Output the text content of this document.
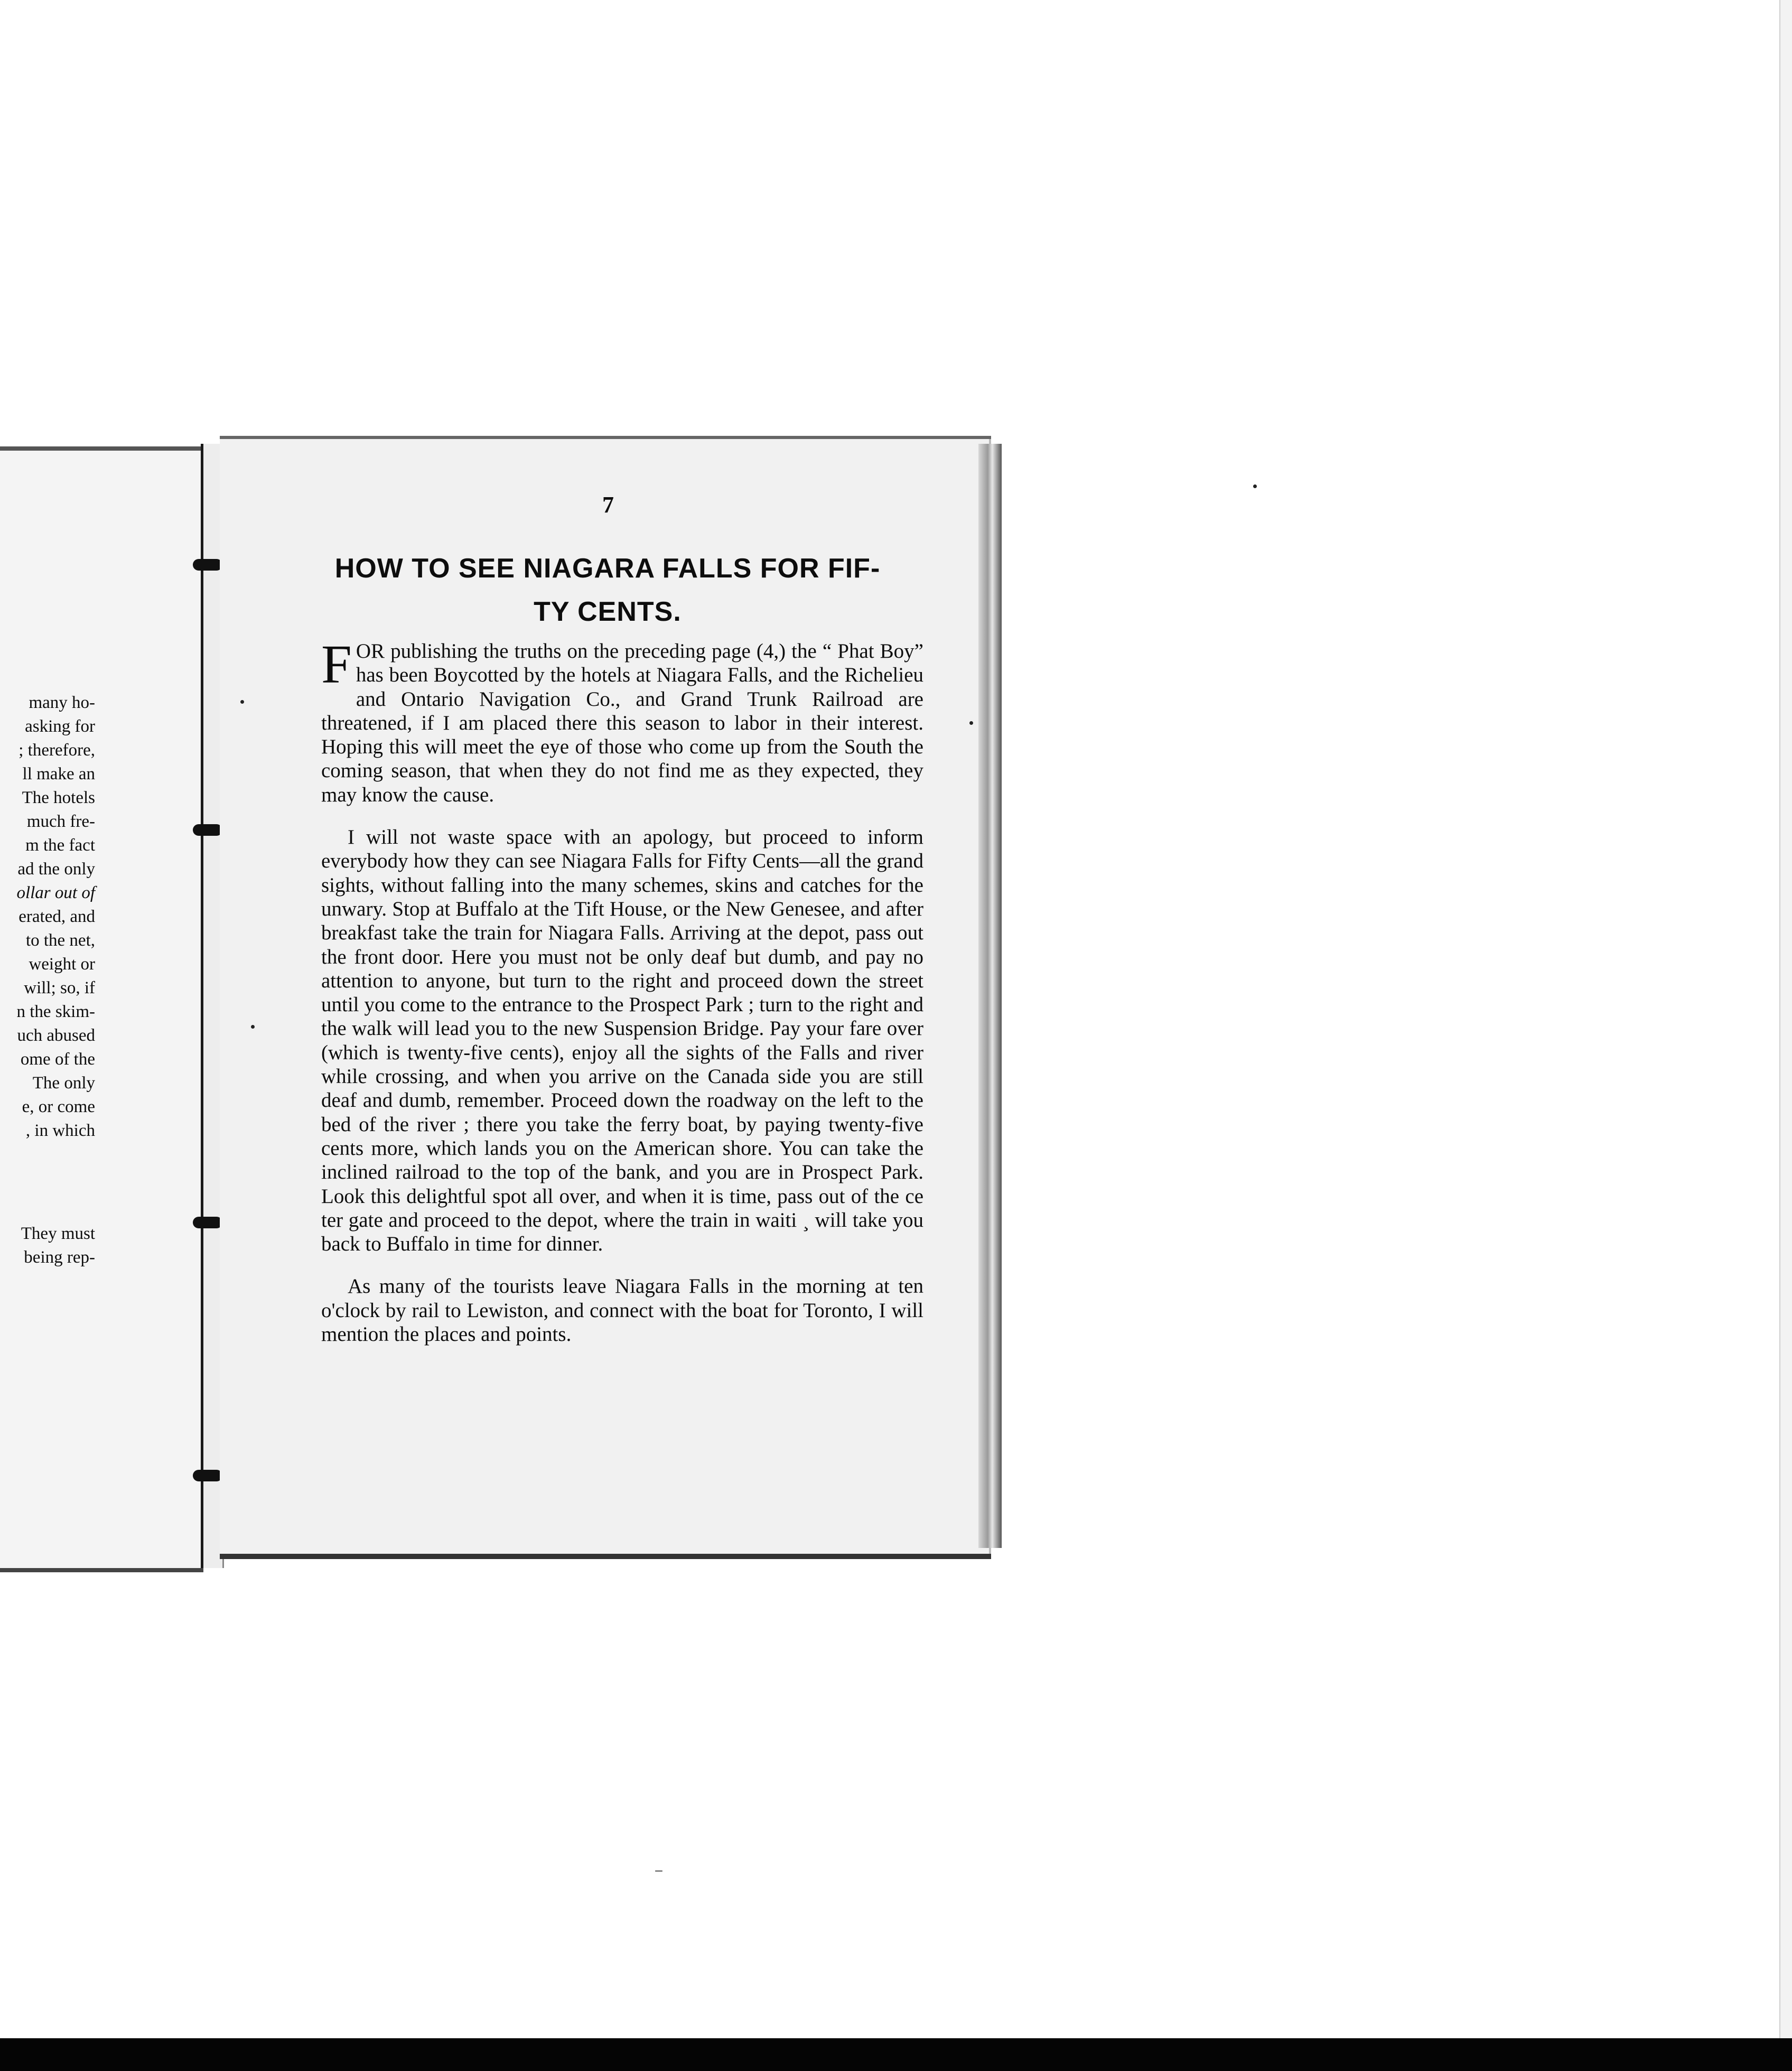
many ho-
asking for
; therefore,
ll make an
The hotels
much fre-
m the fact
ad the only
ollar out of
erated, and
to the net,
weight or
will; so, if
n the skim-
uch abused
ome of the
The only
e, or come
, in which
They must
being rep-
7
HOW TO SEE NIAGARA FALLS FOR FIF-
TY CENTS.

FOR publishing the truths on the preceding page (4,) the “ Phat Boy” has been Boycotted by the hotels at Niagara Falls, and the Richelieu and Ontario Navigation Co., and Grand Trunk Railroad are threatened, if I am placed there this season to labor in their interest. Hoping this will meet the eye of those who come up from the South the coming season, that when they do not find me as they expected, they may know the cause.

I will not waste space with an apology, but proceed to inform everybody how they can see Niagara Falls for Fifty Cents—all the grand sights, without falling into the many schemes, skins and catches for the unwary. Stop at Buffalo at the Tift House, or the New Genesee, and after breakfast take the train for Niagara Falls. Arriving at the depot, pass out the front door. Here you must not be only deaf but dumb, and pay no attention to anyone, but turn to the right and proceed down the street until you come to the entrance to the Prospect Park ; turn to the right and the walk will lead you to the new Suspension Bridge. Pay your fare over (which is twenty-five cents), enjoy all the sights of the Falls and river while crossing, and when you arrive on the Canada side you are still deaf and dumb, remember. Proceed down the roadway on the left to the bed of the river ; there you take the ferry boat, by paying twenty-five cents more, which lands you on the American shore. You can take the inclined railroad to the top of the bank, and you are in Prospect Park. Look this delightful spot all over, and when it is time, pass out of the ce ter gate and proceed to the depot, where the train in waiti ¸ will take you back to Buffalo in time for dinner.

As many of the tourists leave Niagara Falls in the morning at ten o'clock by rail to Lewiston, and connect with the boat for Toronto, I will mention the places and points.
